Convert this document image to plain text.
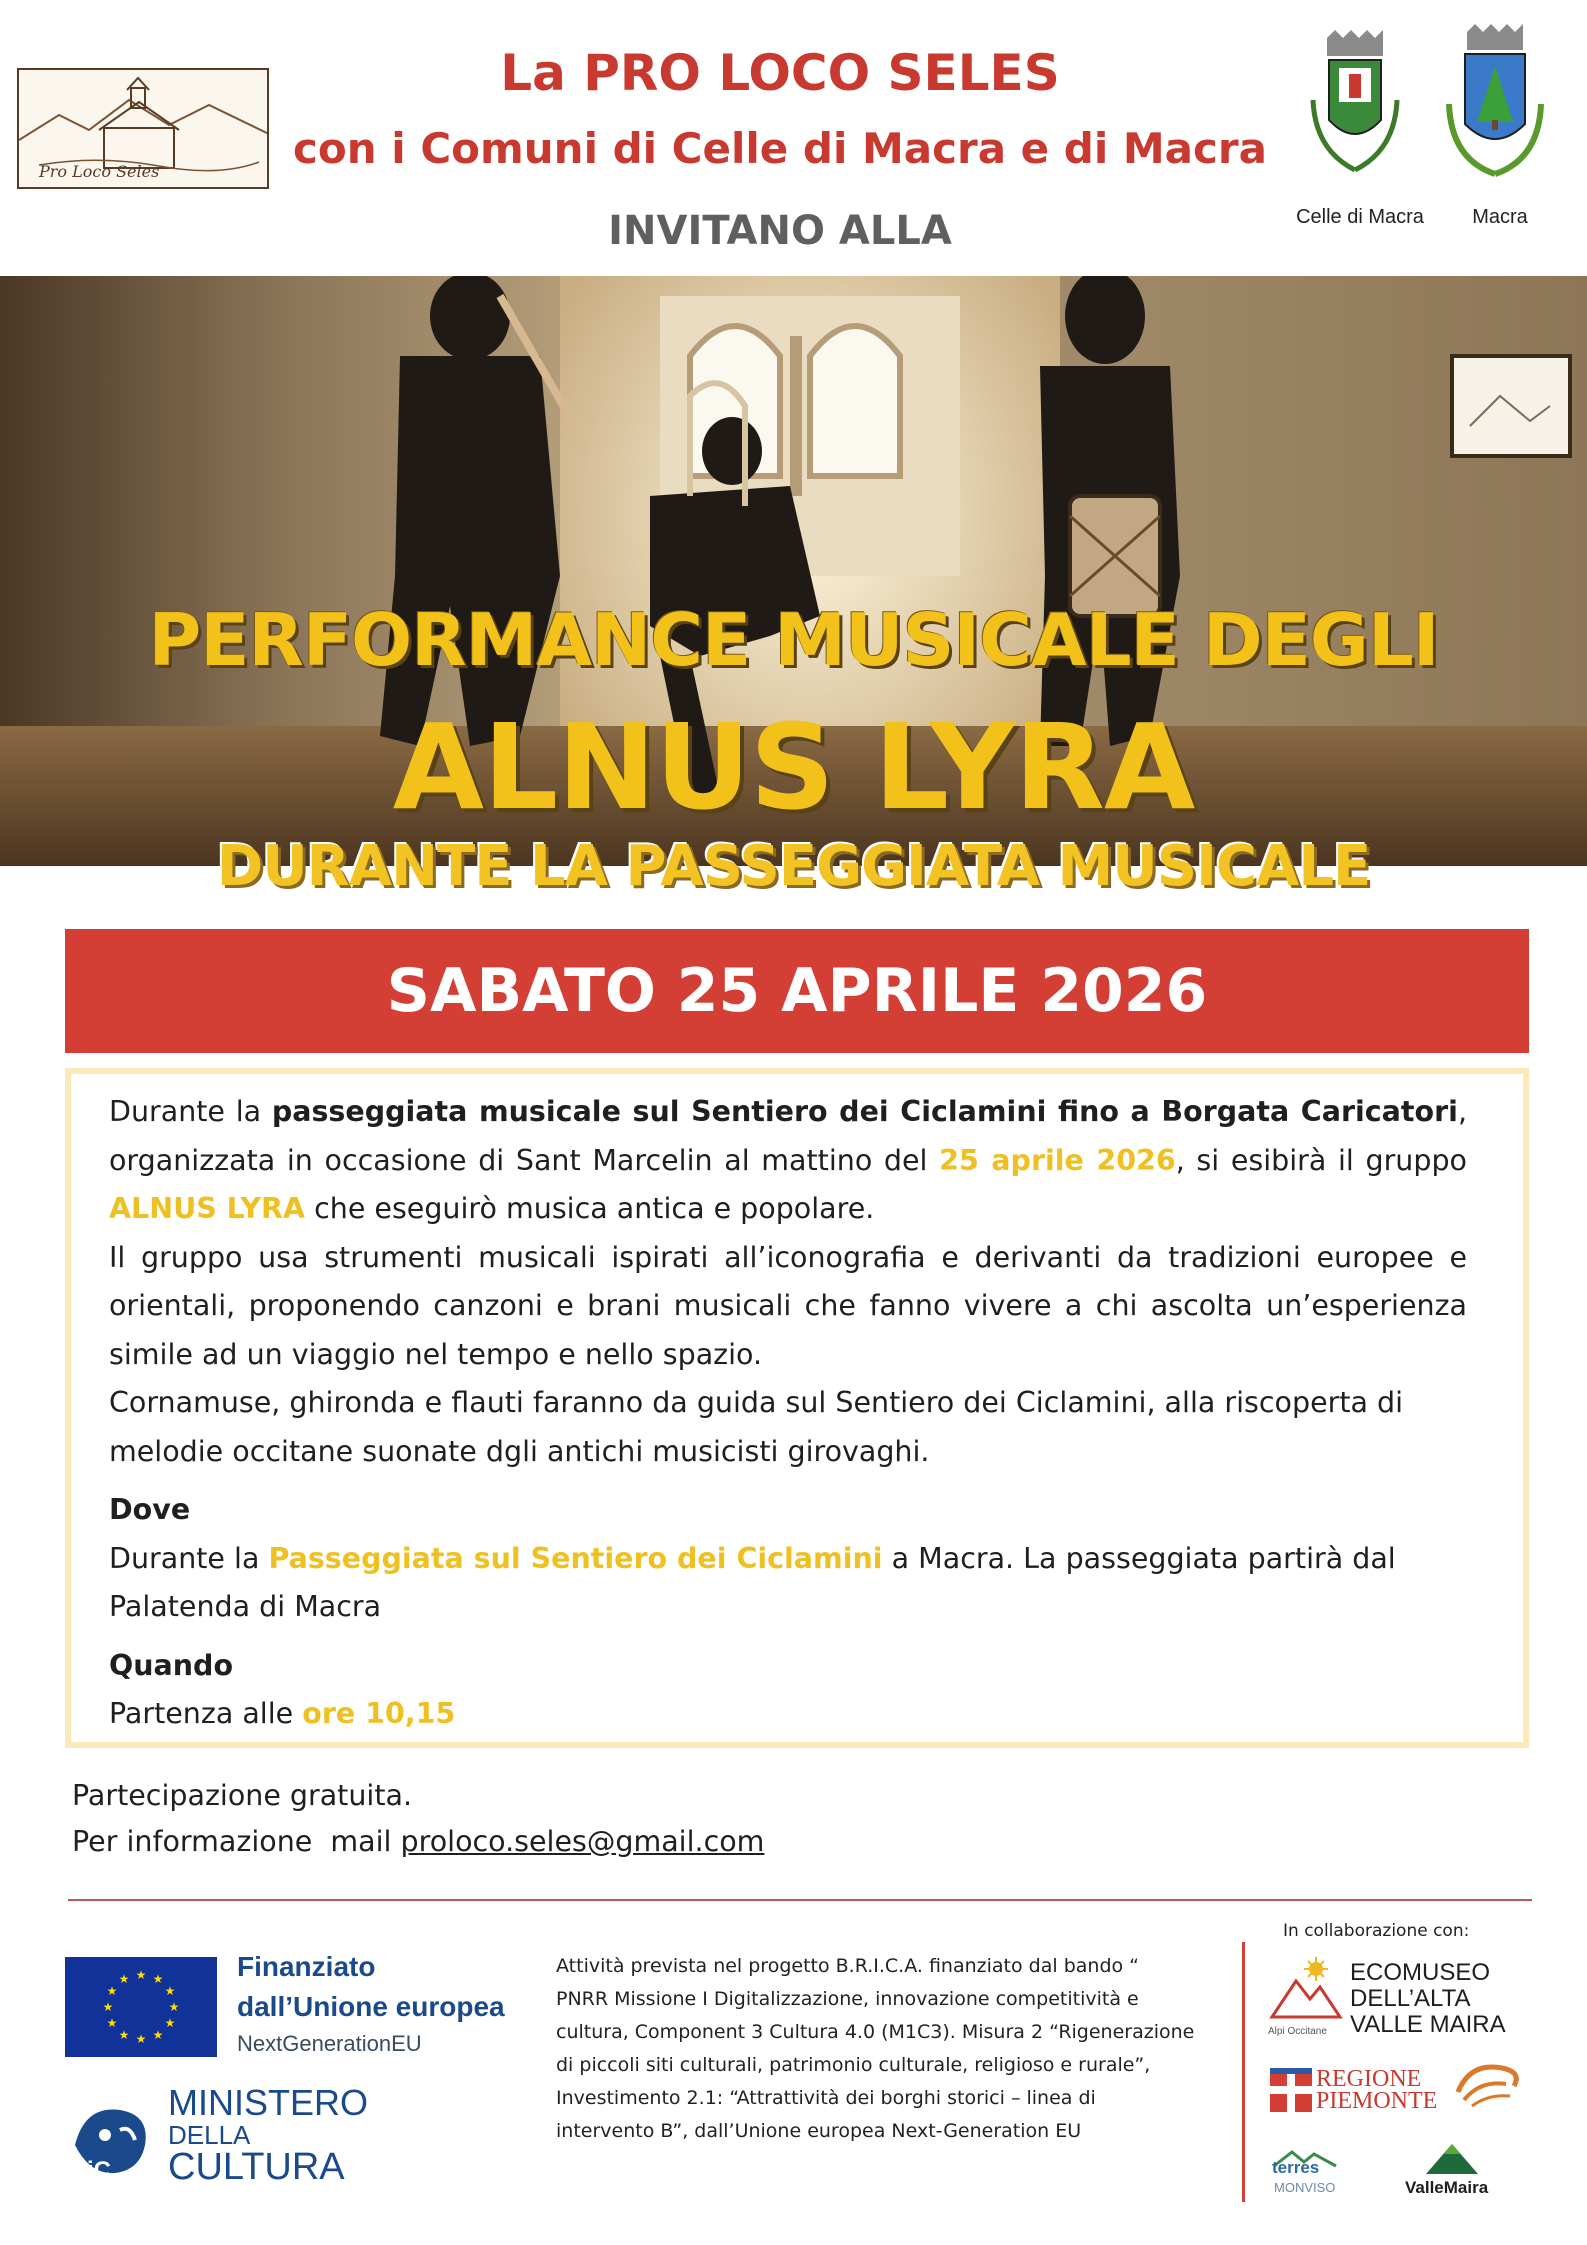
Pro Loco Seles
La PRO LOCO SELES
con i Comuni di Celle di Macra e di Macra
INVITANO ALLA	Celle di Macra	Macra
PERFORMANCE MUSICALE DEGLI
ALNUS LYRA
DURANTE LA PASSEGGIATA MUSICALE
SABATO 25 APRILE 2026

Durante la passeggiata musicale sul Sentiero dei Ciclamini fino a Borgata Caricatori, organizzata in occasione di Sant Marcelin al mattino del 25 aprile 2026, si esibirà il gruppo ALNUS LYRA che eseguirò musica antica e popolare.

Il gruppo usa strumenti musicali ispirati all’iconografia e derivanti da tradizioni europee e orientali, proponendo canzoni e brani musicali che fanno vivere a chi ascolta un’esperienza simile ad un viaggio nel tempo e nello spazio.

Cornamuse, ghironda e flauti faranno da guida sul Sentiero dei Ciclamini, alla riscoperta di melodie occitane suonate dgli antichi musicisti girovaghi.

Dove

Durante la Passeggiata sul Sentiero dei Ciclamini a Macra. La passeggiata partirà dal Palatenda di Macra

Quando

Partenza alle ore 10,15

Partecipazione gratuita.
Per informazione  mail proloco.seles@gmail.com
★ ★
★
★
★
★
★
★
★
★
★
★	Finanziato
dall’Unione europea
NextGenerationEU
MiC
MINISTERO
DELLA
CULTURA
Attività prevista nel progetto B.R.I.C.A. finanziato dal bando “ PNRR Missione I Digitalizzazione, innovazione competitività e cultura, Component 3 Cultura 4.0 (M1C3). Misura 2 “Rigenerazione di piccoli siti culturali, patrimonio culturale, religioso e rurale”, Investimento 2.1: “Attrattività dei borghi storici – linea di intervento B”, dall’Unione europea Next-Generation EU
In collaborazione con:
ECOMUSEO
DELL’ALTA
VALLE MAIRA
Alpi Occitane
REGIONE
PIEMONTE
terres
MONVISO	ValleMaira
